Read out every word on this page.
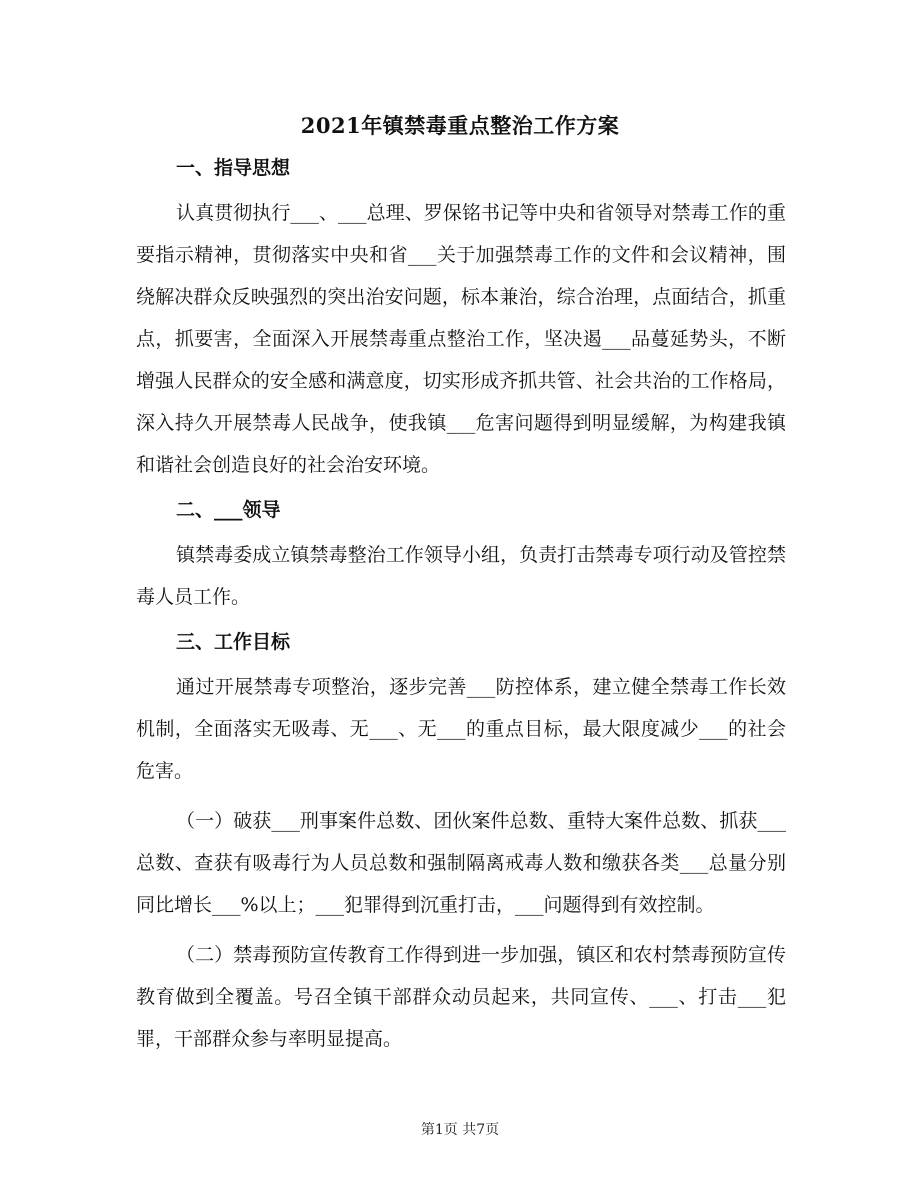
2021年镇禁毒重点整治工作方案
一、指导思想

认真贯彻执行___、___总理、罗保铭书记等中央和省领导对禁毒工作的重要指示精神，贯彻落实中央和省___关于加强禁毒工作的文件和会议精神，围绕解决群众反映强烈的突出治安问题，标本兼治，综合治理，点面结合，抓重点，抓要害，全面深入开展禁毒重点整治工作，坚决遏___品蔓延势头，不断增强人民群众的安全感和满意度，切实形成齐抓共管、社会共治的工作格局，深入持久开展禁毒人民战争，使我镇___危害问题得到明显缓解，为构建我镇和谐社会创造良好的社会治安环境。

二、___领导

镇禁毒委成立镇禁毒整治工作领导小组，负责打击禁毒专项行动及管控禁毒人员工作。

三、工作目标

通过开展禁毒专项整治，逐步完善___防控体系，建立健全禁毒工作长效机制，全面落实无吸毒、无___、无___的重点目标，最大限度减少___的社会危害。

（一）破获___刑事案件总数、团伙案件总数、重特大案件总数、抓获___总数、查获有吸毒行为人员总数和强制隔离戒毒人数和缴获各类___总量分别同比增长___%以上；___犯罪得到沉重打击，___问题得到有效控制。

（二）禁毒预防宣传教育工作得到进一步加强，镇区和农村禁毒预防宣传教育做到全覆盖。号召全镇干部群众动员起来，共同宣传、___、打击___犯罪，干部群众参与率明显提高。

第1页 共7页
